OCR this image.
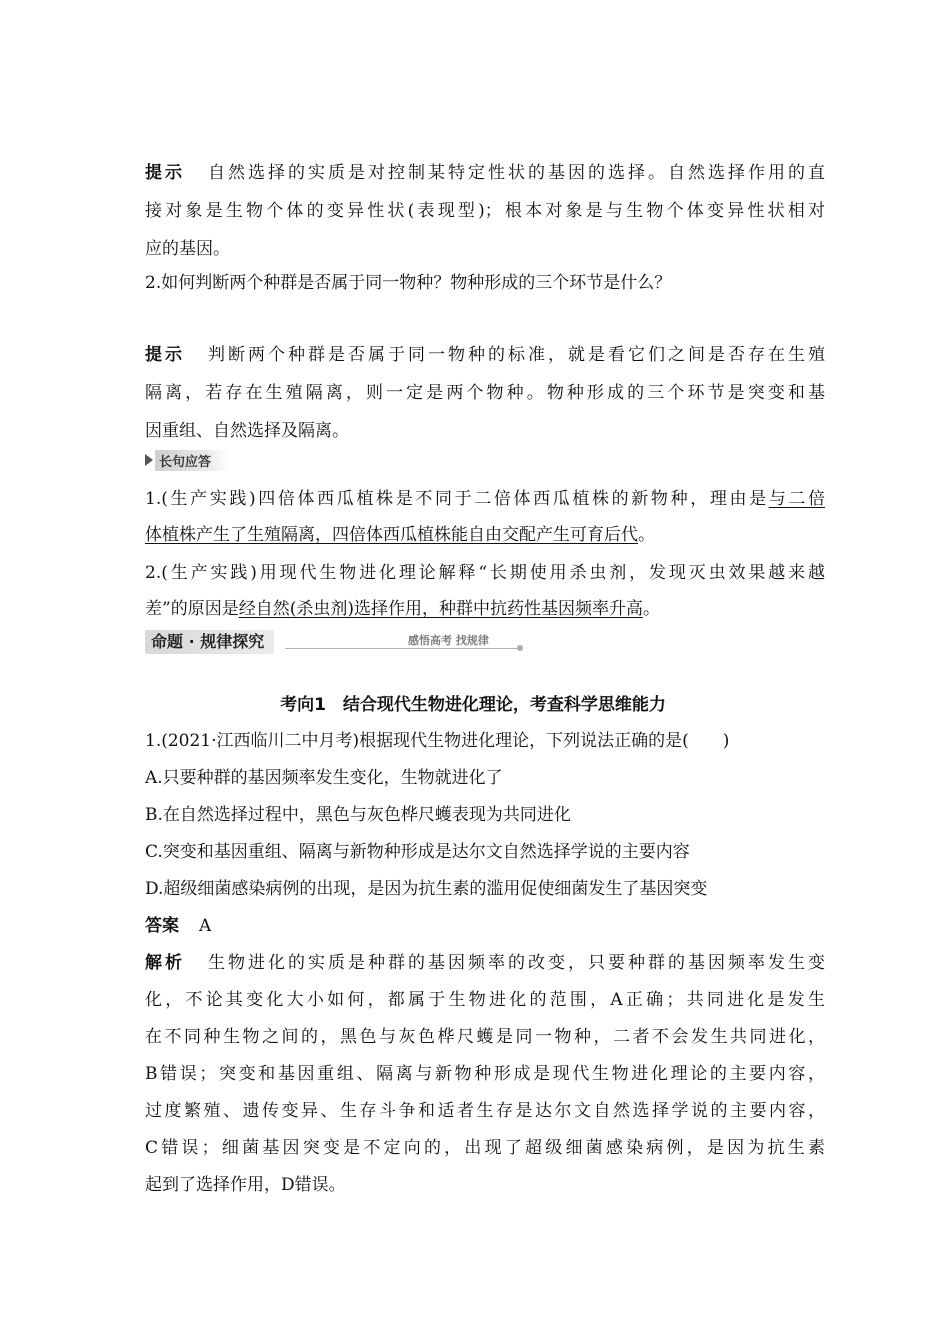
提示 自然选择的实质是对控制某特定性状的基因的选择。自然选择作用的直
接对象是生物个体的变异性状(表现型)；根本对象是与生物个体变异性状相对
应的基因。
2.如何判断两个种群是否属于同一物种？物种形成的三个环节是什么？
提示 判断两个种群是否属于同一物种的标准，就是看它们之间是否存在生殖
隔离，若存在生殖隔离，则一定是两个物种。物种形成的三个环节是突变和基
因重组、自然选择及隔离。
长句应答
1.(生产实践)四倍体西瓜植株是不同于二倍体西瓜植株的新物种，理由是与二倍
体植株产生了生殖隔离，四倍体西瓜植株能自由交配产生可育后代。
2.(生产实践)用现代生物进化理论解释“长期使用杀虫剂，发现灭虫效果越来越
差”的原因是经自然(杀虫剂)选择作用，种群中抗药性基因频率升高。
命题 · 规律探究	感悟高考 找规律
考向1　结合现代生物进化理论，考查科学思维能力
1.(2021·江西临川二中月考)根据现代生物进化理论，下列说法正确的是(　　)
A.只要种群的基因频率发生变化，生物就进化了
B.在自然选择过程中，黑色与灰色桦尺蠖表现为共同进化
C.突变和基因重组、隔离与新物种形成是达尔文自然选择学说的主要内容
D.超级细菌感染病例的出现，是因为抗生素的滥用促使细菌发生了基因突变
答案 A
解析 生物进化的实质是种群的基因频率的改变，只要种群的基因频率发生变
化，不论其变化大小如何，都属于生物进化的范围，A正确；共同进化是发生
在不同种生物之间的，黑色与灰色桦尺蠖是同一物种，二者不会发生共同进化，
B错误；突变和基因重组、隔离与新物种形成是现代生物进化理论的主要内容，
过度繁殖、遗传变异、生存斗争和适者生存是达尔文自然选择学说的主要内容，
C错误；细菌基因突变是不定向的，出现了超级细菌感染病例，是因为抗生素
起到了选择作用，D错误。
